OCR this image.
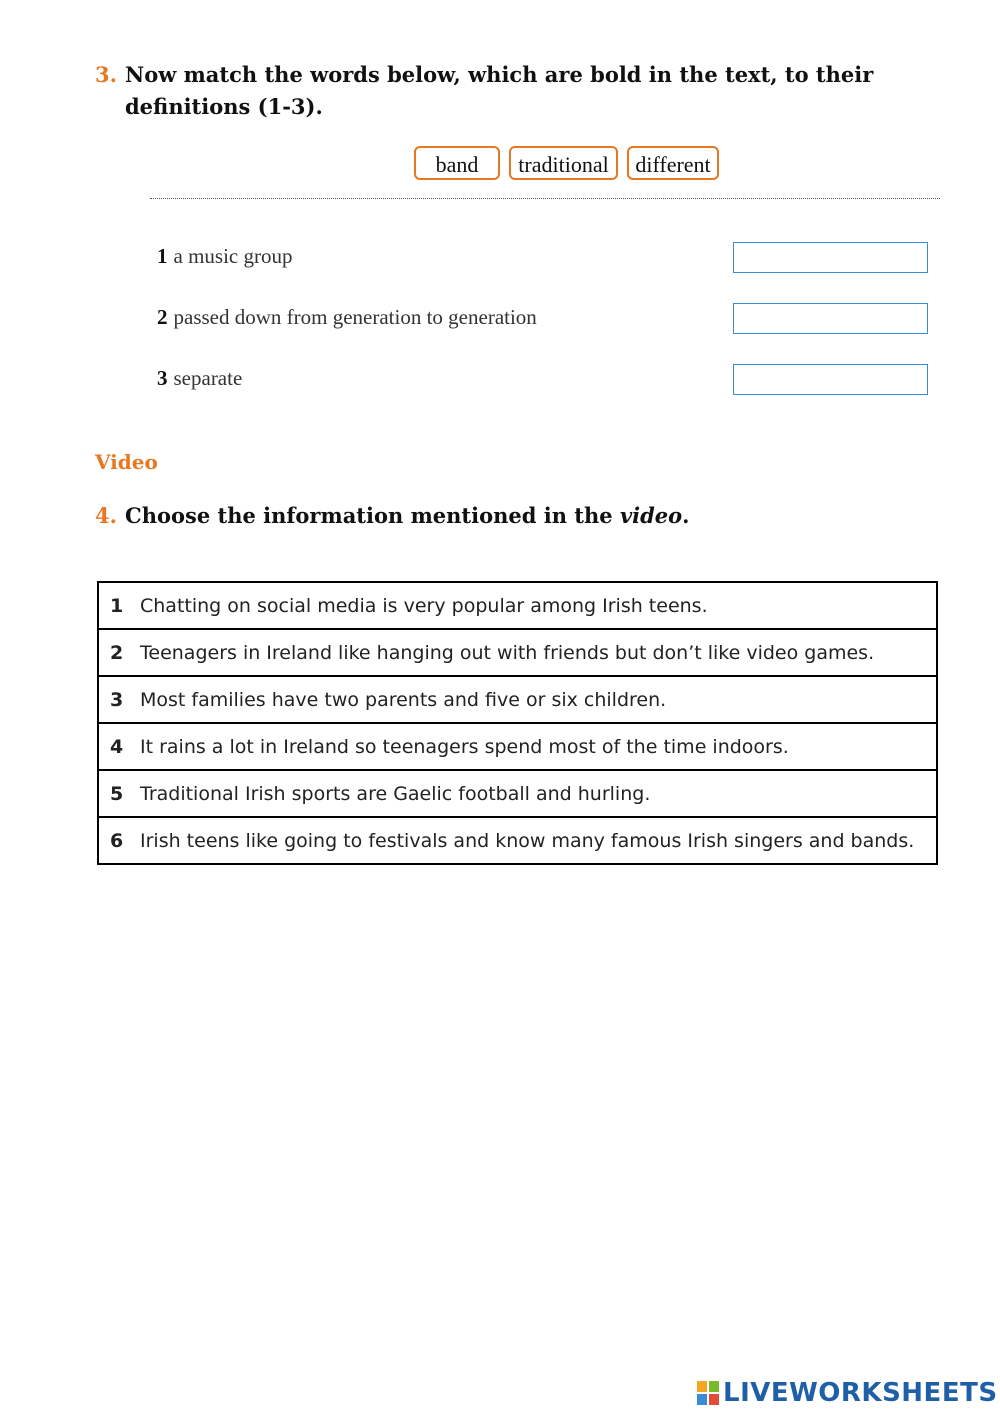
3. Now match the words below, which are bold in the text, to their definitions (1-3).
band	traditional	different
1 a music group
2 passed down from generation to generation
3 separate
Video
4. Choose the information mentioned in the video.
1	Chatting on social media is very popular among Irish teens.
2	Teenagers in Ireland like hanging out with friends but don’t like video games.
3	Most families have two parents and five or six children.
4	It rains a lot in Ireland so teenagers spend most of the time indoors.
5	Traditional Irish sports are Gaelic football and hurling.
6	Irish teens like going to festivals and know many famous Irish singers and bands.
LIVEWORKSHEETS
